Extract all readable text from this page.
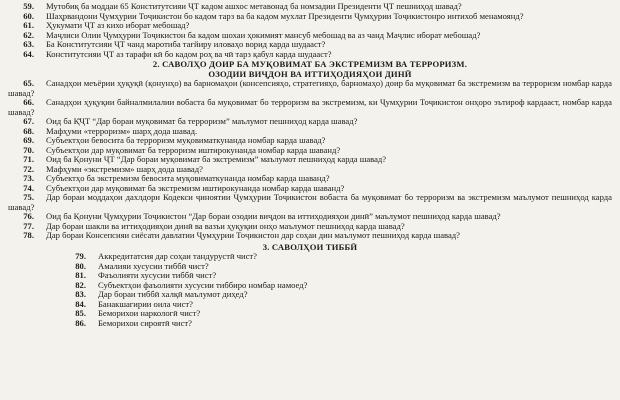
59. Мутобиқ ба моддаи 65 Конститутсияи ҶТ кадом ашхос метавонад ба номзадии Президенти ҶТ пешниҳод шавад?

60. Шаҳрвандони Ҷумҳурии Тоҷикистон бо кадом тарз ва ба кадом мухлат Президенти Ҷумҳурии Тоҷикистонро интихоб менамоянд?

61. Ҳукумати ҶТ аз кихо иборат мебошад?

62. Маҷлиси Олии Ҷумҳурии Тоҷикистон ба кадом шохаи ҳокимият мансуб мебошад ва аз чанд Маҷлис иборат мебошад?

63. Ба Конститутсияи ҶТ чанд маротиба тағйиру иловаҳо ворид карда шудааст?

64. Конститутсияи ҶТ аз тарафи кӣ бо кадом роҳ ва чӣ тарз қабул карда шудааст?

2. САВОЛҲО ДОИР БА МУҚОВИМАТ БА ЭКСТРЕМИЗМ ВА ТЕРРОРИЗМ.
ОЗОДИИ ВИҶДОН ВА ИТТИҲОДИЯҲОИ ДИНӢ

65. Санадҳои меъёрии ҳуқуқӣ (қонунҳо) ва барномаҳои (консепсияҳо, стратегияҳо, барномаҳо) доир ба муқовимат ба экстремизм ва терроризм номбар карда шавад?

66. Санадҳои ҳуқуқии байналмилалии вобаста ба муқовимат бо терроризм ва экстремизм, ки Ҷумҳурии Тоҷикистон онҳоро эътироф кардааст, номбар карда шавад?

67. Оид ба Қ̆ҶТ “Дар бораи муқовимат ба терроризм” маълумот пешниҳод карда шавад?

68. Мафҳуми «терроризм» шарҳ дода шавад.

69. Субъектҳои бевосита ба терроризм муқовиматкунанда номбар карда шавад?

70. Субъектҳои дар муқовимат ба терроризм иштирокунанда номбар карда шаванд?

71. Оид ба Қонуни ҶТ “Дар бораи муқовимат ба экстремизм” маълумот пешниҳод карда шавад?

72. Мафҳуми «экстремизм» шарҳ дода шавад?

73. Субъектҳо ба экстремизм бевосита муқовиматкунанда номбар карда шаванд?

74. Субъектҳои дар муқовимат ба экстремизм иштирокунанда номбар карда шаванд?

75. Дар бораи моддаҳои дахлдори Кодекси ҷиноятии Ҷумҳурии Тоҷикистон вобаста ба муқовимат бо терроризм ва экстремизм маълумот пешниҳод карда шавад?

76. Оид ба Қонуни Ҷумҳурии Тоҷикистон “Дар бораи озодии виҷдон ва иттиҳодияҳои динӣ” маълумот пешниҳод карда шавад?

77. Дар бораи шакли ва иттиҳодияҳои динӣ ва вазъи ҳуқуқии онҳо маълумот пешниҳод карда шавад?

78. Дар бораи Консепсияи сиёсати давлатии Ҷумҳурии Тоҷикистон дар соҳаи дин маълумот пешниҳод карда шавад?

3. САВОЛҲОИ ТИББӢ

79. Аккредитатсия дар соҳаи тандурустӣ чист?

80. Амалияи хусусии тиббӣ чист?

81. Фаъолияти хусусии тиббӣ чист?

82. Субъектҳои фаъолияти хусусии тиббиро номбар намоед?

83. Дар бораи тиббӣ халқӣ маълумот диҳед?

84. Банакшагирии оила чист?

85. Беморихои наркологӣ чист?

86. Беморихои сироятӣ чист?
